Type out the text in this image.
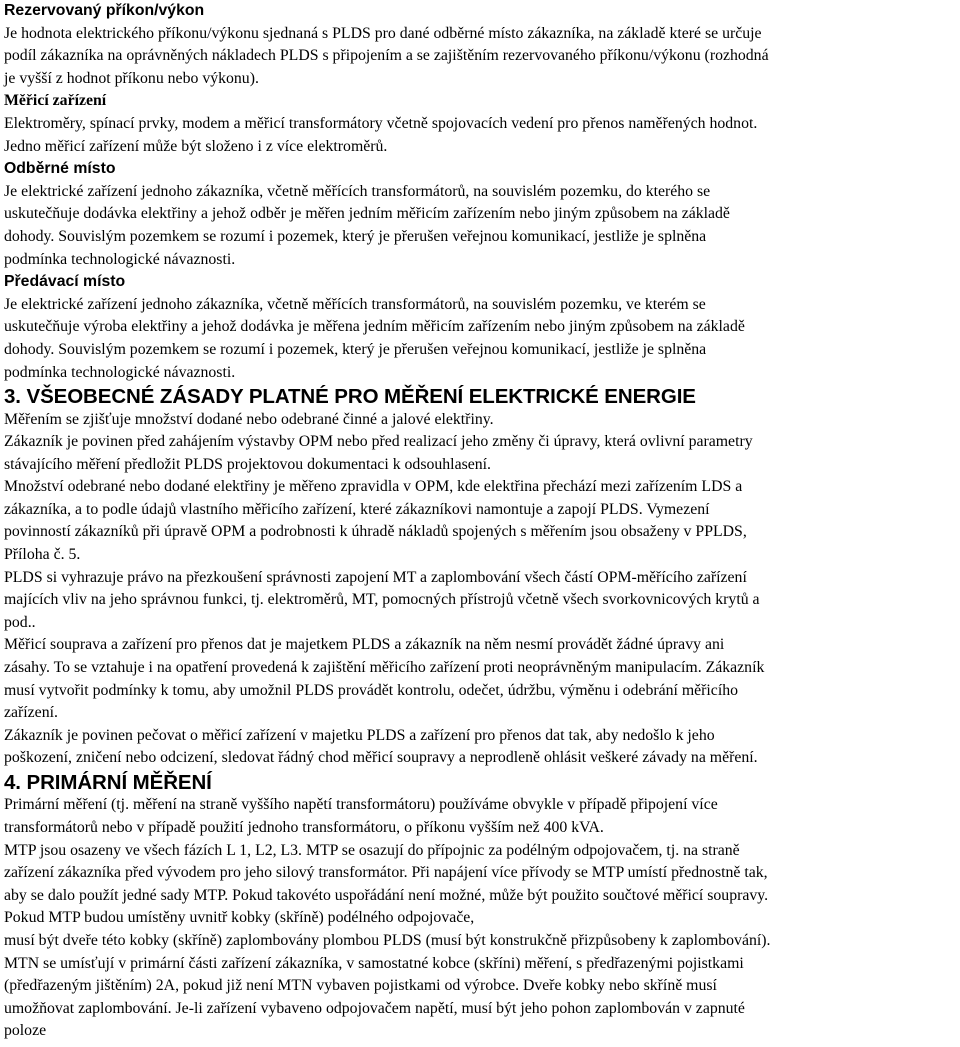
Rezervovaný příkon/výkon
Je hodnota elektrického příkonu/výkonu sjednaná s PLDS pro dané odběrné místo zákazníka, na základě které se určuje
podíl zákazníka na oprávněných nákladech PLDS s připojením a se zajištěním rezervovaného příkonu/výkonu (rozhodná
je vyšší z hodnot příkonu nebo výkonu).
Měřicí zařízení
Elektroměry, spínací prvky, modem a měřicí transformátory včetně spojovacích vedení pro přenos naměřených hodnot.
Jedno měřicí zařízení může být složeno i z více elektroměrů.
Odběrné místo
Je elektrické zařízení jednoho zákazníka, včetně měřících transformátorů, na souvislém pozemku, do kterého se
uskutečňuje dodávka elektřiny a jehož odběr je měřen jedním měřicím zařízením nebo jiným způsobem na základě
dohody. Souvislým pozemkem se rozumí i pozemek, který je přerušen veřejnou komunikací, jestliže je splněna
podmínka technologické návaznosti.
Předávací místo
Je elektrické zařízení jednoho zákazníka, včetně měřících transformátorů, na souvislém pozemku, ve kterém se
uskutečňuje výroba elektřiny a jehož dodávka je měřena jedním měřicím zařízením nebo jiným způsobem na základě
dohody. Souvislým pozemkem se rozumí i pozemek, který je přerušen veřejnou komunikací, jestliže je splněna
podmínka technologické návaznosti.
3. VŠEOBECNÉ ZÁSADY PLATNÉ PRO MĚŘENÍ ELEKTRICKÉ ENERGIE
Měřením se zjišťuje množství dodané nebo odebrané činné a jalové elektřiny.
Zákazník je povinen před zahájením výstavby OPM nebo před realizací jeho změny či úpravy, která ovlivní parametry
stávajícího měření předložit PLDS projektovou dokumentaci k odsouhlasení.
Množství odebrané nebo dodané elektřiny je měřeno zpravidla v OPM, kde elektřina přechází mezi zařízením LDS a
zákazníka, a to podle údajů vlastního měřicího zařízení, které zákazníkovi namontuje a zapojí PLDS. Vymezení
povinností zákazníků při úpravě OPM a podrobnosti k úhradě nákladů spojených s měřením jsou obsaženy v PPLDS,
Příloha č. 5.
PLDS si vyhrazuje právo na přezkoušení správnosti zapojení MT a zaplombování všech částí OPM-měřícího zařízení
majících vliv na jeho správnou funkci, tj. elektroměrů, MT, pomocných přístrojů včetně všech svorkovnicových krytů a
pod..
Měřicí souprava a zařízení pro přenos dat je majetkem PLDS a zákazník na něm nesmí provádět žádné úpravy ani
zásahy. To se vztahuje i na opatření provedená k zajištění měřicího zařízení proti neoprávněným manipulacím. Zákazník
musí vytvořit podmínky k tomu, aby umožnil PLDS provádět kontrolu, odečet, údržbu, výměnu i odebrání měřicího
zařízení.
Zákazník je povinen pečovat o měřicí zařízení v majetku PLDS a zařízení pro přenos dat tak, aby nedošlo k jeho
poškození, zničení nebo odcizení, sledovat řádný chod měřicí soupravy a neprodleně ohlásit veškeré závady na měření.
4. PRIMÁRNÍ MĚŘENÍ
Primární měření (tj. měření na straně vyššího napětí transformátoru) používáme obvykle v případě připojení více
transformátorů nebo v případě použití jednoho transformátoru, o příkonu vyšším než 400 kVA.
MTP jsou osazeny ve všech fázích L 1, L2, L3. MTP se osazují do přípojnic za podélným odpojovačem, tj. na straně
zařízení zákazníka před vývodem pro jeho silový transformátor. Při napájení více přívody se MTP umístí přednostně tak,
aby se dalo použít jedné sady MTP. Pokud takovéto uspořádání není možné, může být použito součtové měřicí soupravy.
Pokud MTP budou umístěny uvnitř kobky (skříně) podélného odpojovače,
musí být dveře této kobky (skříně) zaplombovány plombou PLDS (musí být konstrukčně přizpůsobeny k zaplombování).
MTN se umísťují v primární části zařízení zákazníka, v samostatné kobce (skříni) měření, s předřazenými pojistkami
(předřazeným jištěním) 2A, pokud již není MTN vybaven pojistkami od výrobce. Dveře kobky nebo skříně musí
umožňovat zaplombování. Je-li zařízení vybaveno odpojovačem napětí, musí být jeho pohon zaplombován v zapnuté
poloze
